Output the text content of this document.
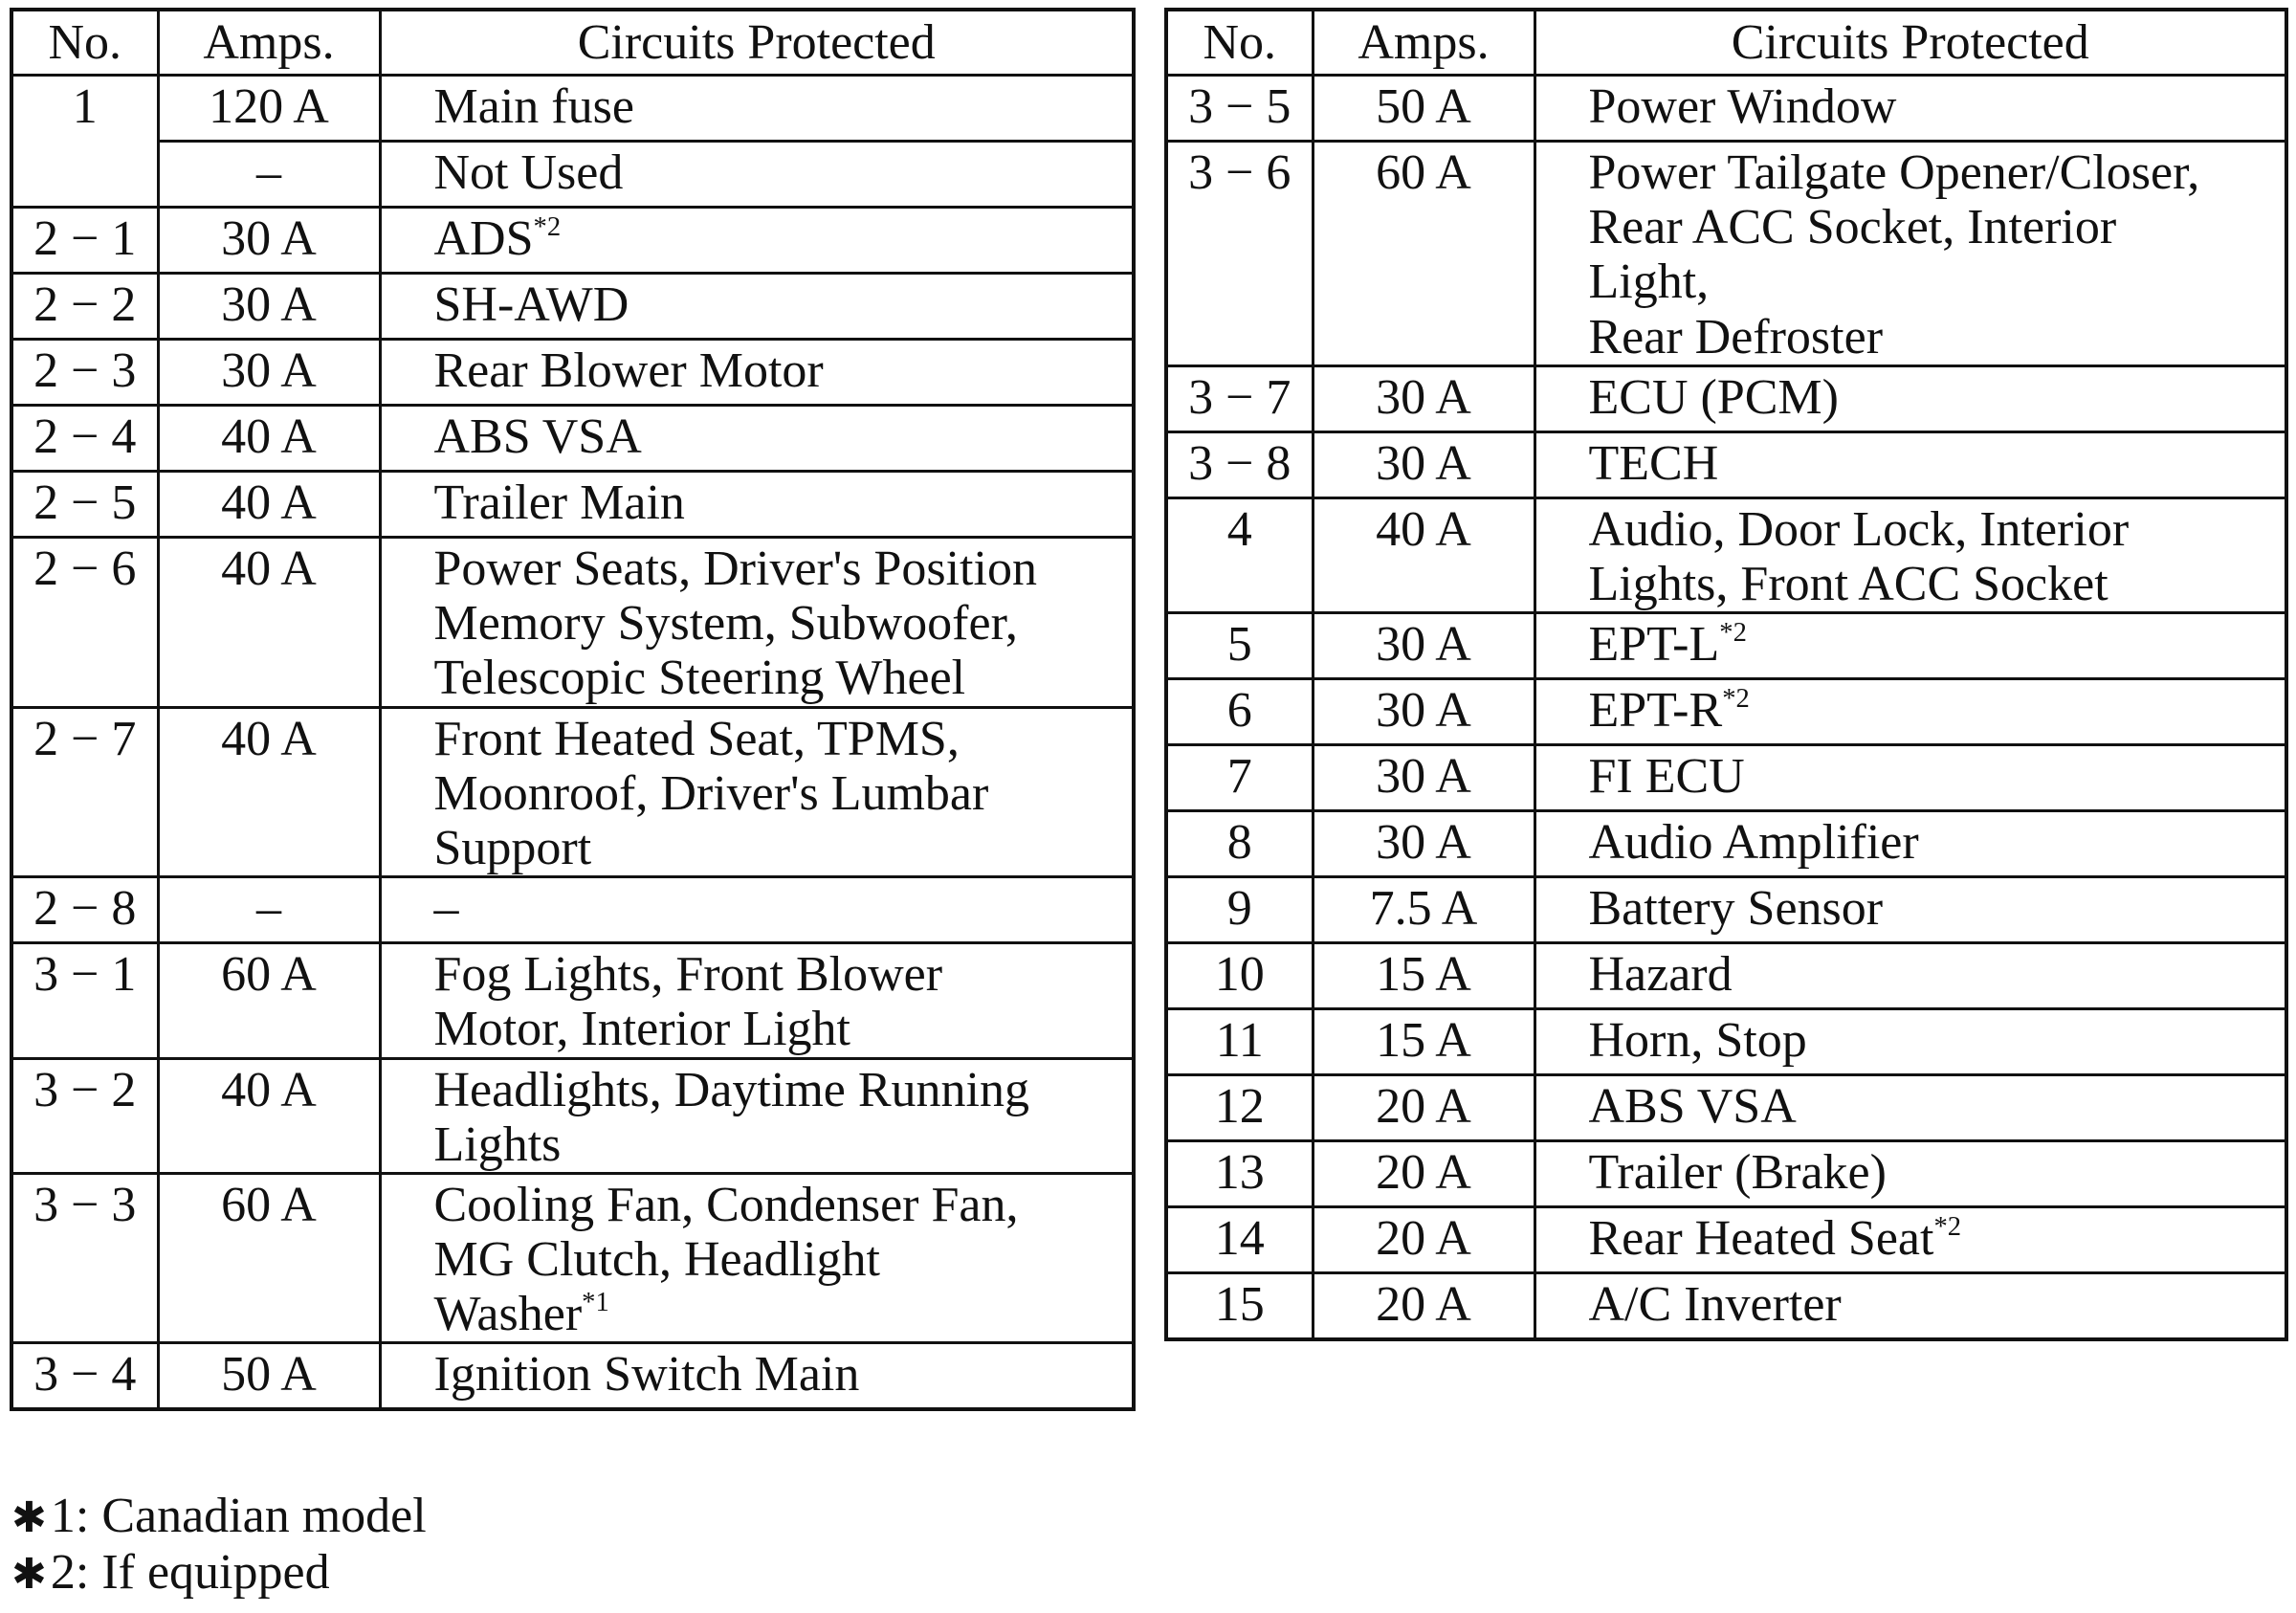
No.	Amps.	Circuits Protected
1	120 A	Main fuse
	–	Not Used
2 − 1	30 A	ADS$^{*2}$
2 − 2	30 A	SH-AWD
2 − 3	30 A	Rear Blower Motor
2 − 4	40 A	ABS VSA
2 − 5	40 A	Trailer Main
2 − 6	40 A	Power Seats, Driver's Position
Memory System, Subwoofer,
Telescopic Steering Wheel
2 − 7	40 A	Front Heated Seat, TPMS,
Moonroof, Driver's Lumbar
Support
2 − 8	–	–
3 − 1	60 A	Fog Lights, Front Blower
Motor, Interior Light
3 − 2	40 A	Headlights, Daytime Running
Lights
3 − 3	60 A	Cooling Fan, Condenser Fan,
MG Clutch, Headlight
Washer$^{*1}$
3 − 4	50 A	Ignition Switch Main
No.	Amps.	Circuits Protected
3 − 5	50 A	Power Window
3 − 6	60 A	Power Tailgate Opener/Closer,
Rear ACC Socket, Interior
Light,
Rear Defroster
3 − 7	30 A	ECU (PCM)
3 − 8	30 A	TECH
4	40 A	Audio, Door Lock, Interior
Lights, Front ACC Socket
5	30 A	EPT-$L^{*2}$
6	30 A	EPT-$R^{*2}$
7	30 A	FI ECU
8	30 A	Audio Amplifier
9	7.5 A	Battery Sensor
10	15 A	Hazard
11	15 A	Horn, Stop
12	20 A	ABS VSA
13	20 A	Trailer (Brake)
14	20 A	Rear Heated Seat$^{*2}$
15	20 A	A/C Inverter
✱ 1: Canadian model
✱ 2: If equipped
